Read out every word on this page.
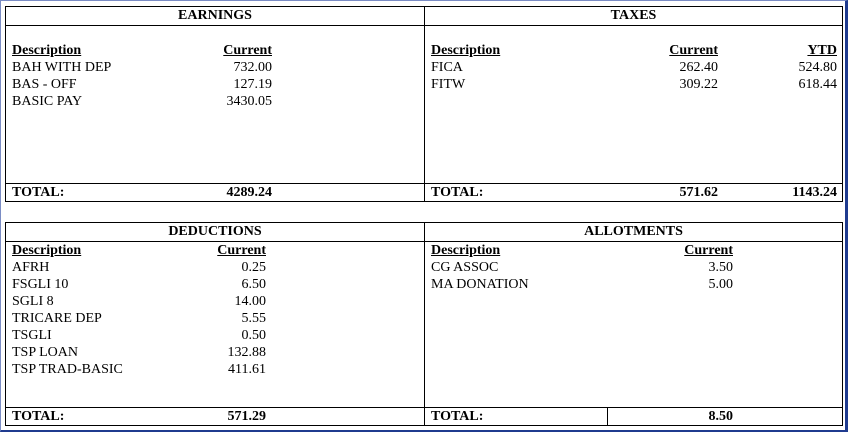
EARNINGS
Description	Current
BAH WITH DEP	732.00
BAS - OFF	127.19
BASIC PAY	3430.05
TOTAL:	4289.24
TAXES
Description	Current	YTD
FICA	262.40	524.80
FITW	309.22	618.44
TOTAL:	571.62	1143.24
DEDUCTIONS
Description	Current
AFRH	0.25
FSGLI 10	6.50
SGLI 8	14.00
TRICARE DEP	5.55
TSGLI	0.50
TSP LOAN	132.88
TSP TRAD-BASIC	411.61
TOTAL:	571.29
ALLOTMENTS
Description	Current
CG ASSOC	3.50
MA DONATION	5.00
TOTAL:	8.50
